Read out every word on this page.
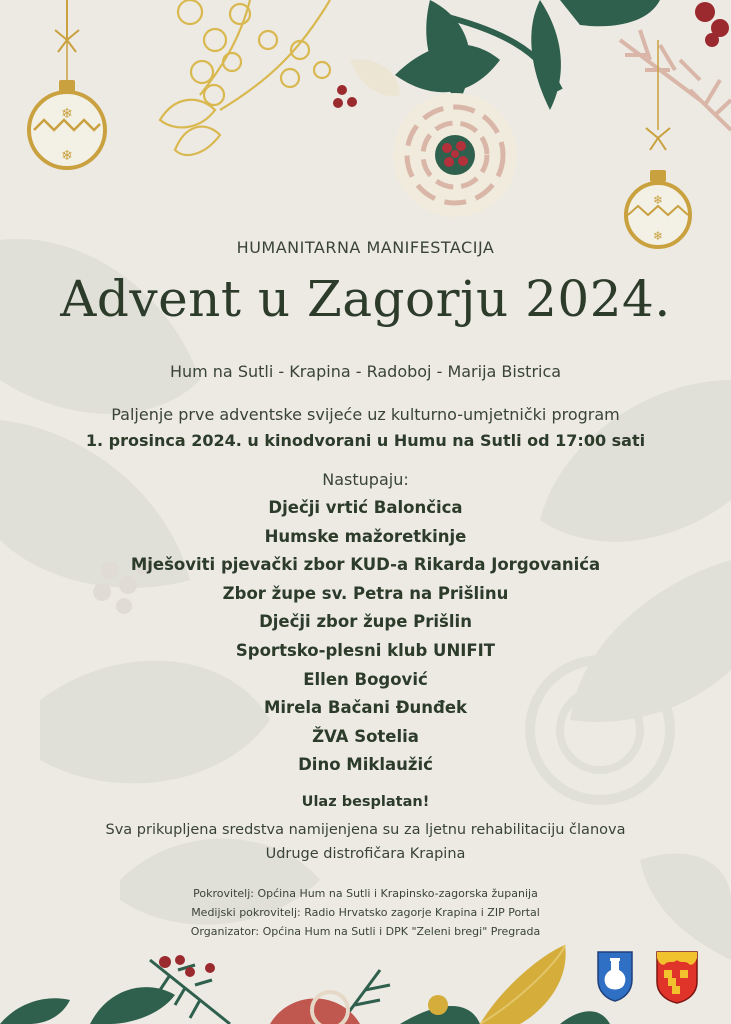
❄
❄
❄
❄
HUMANITARNA MANIFESTACIJA
Advent u Zagorju 2024.
Hum na Sutli - Krapina - Radoboj - Marija Bistrica
Paljenje prve adventske svijeće uz kulturno-umjetnički program
1. prosinca 2024. u kinodvorani u Humu na Sutli od 17:00 sati
Nastupaju:
Dječji vrtić Balončica
Humske mažoretkinje
Mješoviti pjevački zbor KUD-a Rikarda Jorgovanića
Zbor župe sv. Petra na Prišlinu
Dječji zbor župe Prišlin
Sportsko-plesni klub UNIFIT
Ellen Bogović
Mirela Bačani Đunđek
ŽVA Sotelia
Dino Miklaužić
Ulaz besplatan!
Sva prikupljena sredstva namijenjena su za ljetnu rehabilitaciju članova
Udruge distrofičara Krapina
Pokrovitelj: Općina Hum na Sutli i Krapinsko-zagorska županija
Medijski pokrovitelj: Radio Hrvatsko zagorje Krapina i ZIP Portal
Organizator: Općina Hum na Sutli i DPK "Zeleni bregi" Pregrada
